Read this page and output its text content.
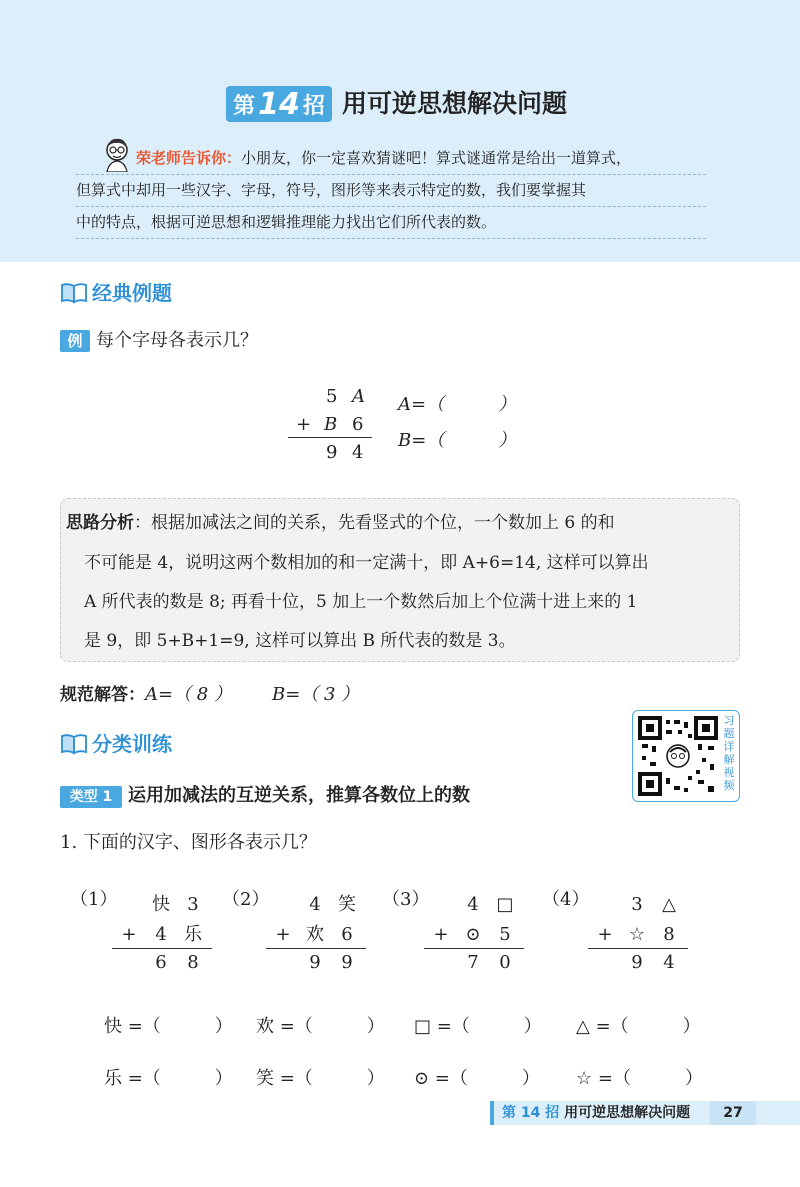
第 14 招 用可逆思想解决问题
荣老师告诉你：小朋友，你一定喜欢猜谜吧！算式谜通常是给出一道算式，
但算式中却用一些汉字、字母，符号，图形等来表示特定的数，我们要掌握其
中的特点，根据可逆思想和逻辑推理能力找出它们所代表的数。
经典例题
例 每个字母各表示几？
5 A
+ B 6
9 4
A=（　　　）
B=（　　　）
思路分析：根据加减法之间的关系，先看竖式的个位，一个数加上 6 的和
不可能是 4，说明这两个数相加的和一定满十，即 A+6=14, 这样可以算出
A 所代表的数是 8; 再看十位，5 加上一个数然后加上个位满十进上来的 1
是 9，即 5+B+1=9, 这样可以算出 B 所代表的数是 3。
规范解答：A=（ 8 ） B=（ 3 ）
习
题
详
解
视
频
分类训练
类型 1 运用加减法的互逆关系，推算各数位上的数
1. 下面的汉字、图形各表示几？
（1）	快 3
+	4 乐
6	8
（2）	4 笑
+ 欢 6
9	9
（3）	4 □
+ ⊙	5
7	0
（4）	3	△
+ ☆	8
9	4
快 =（　　　） 欢 =（　　　） □ =（　　　） △ =（　　　）
乐 =（　　　） 笑 =（　　　） ⊙ =（　　　） ☆ =（　　　）
第 14 招 用可逆思想解决问题	27
